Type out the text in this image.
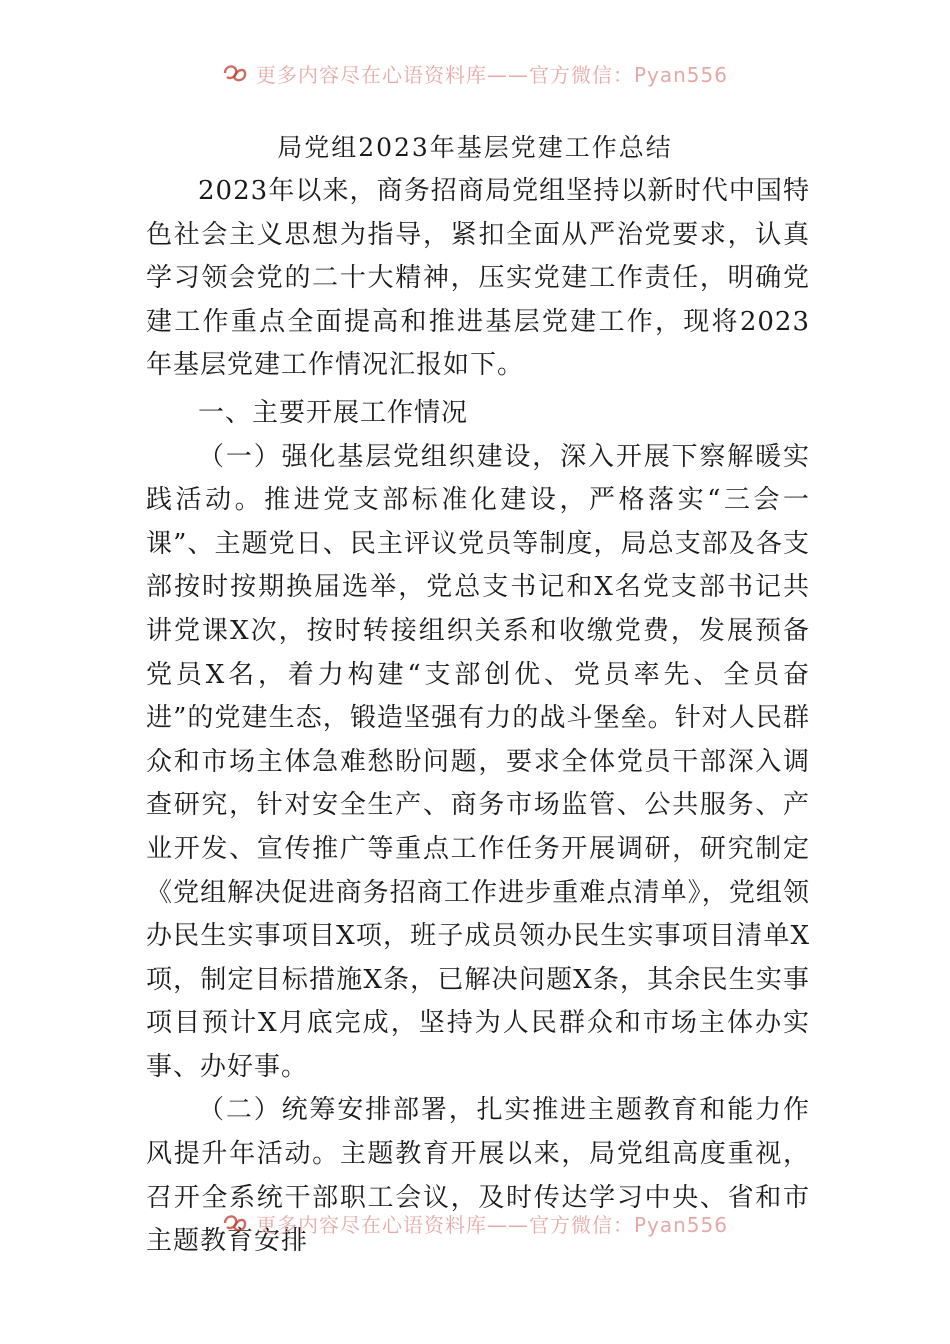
更多内容尽在心语资料库——官方微信：Pyan556
局党组2023年基层党建工作总结

2023年以来，商务招商局党组坚持以新时代中国特色社会主义思想为指导，紧扣全面从严治党要求，认真学习领会党的二十大精神，压实党建工作责任，明确党建工作重点全面提高和推进基层党建工作，现将2023年基层党建工作情况汇报如下。

一、主要开展工作情况

（一）强化基层党组织建设，深入开展下察解暖实践活动。推进党支部标准化建设，严格落实“三会一课”、主题党日、民主评议党员等制度，局总支部及各支部按时按期换届选举，党总支书记和X名党支部书记共讲党课X次，按时转接组织关系和收缴党费，发展预备党员X名，着力构建“支部创优、党员率先、全员奋进”的党建生态，锻造坚强有力的战斗堡垒。针对人民群众和市场主体急难愁盼问题，要求全体党员干部深入调查研究，针对安全生产、商务市场监管、公共服务、产业开发、宣传推广等重点工作任务开展调研，研究制定《党组解决促进商务招商工作进步重难点清单》，党组领办民生实事项目X项，班子成员领办民生实事项目清单X项，制定目标措施X条，已解决问题X条，其余民生实事项目预计X月底完成，坚持为人民群众和市场主体办实事、办好事。

（二）统筹安排部署，扎实推进主题教育和能力作风提升年活动。主题教育开展以来，局党组高度重视，召开全系统干部职工会议，及时传达学习中央、省和市主题教育安排

更多内容尽在心语资料库——官方微信：Pyan556
